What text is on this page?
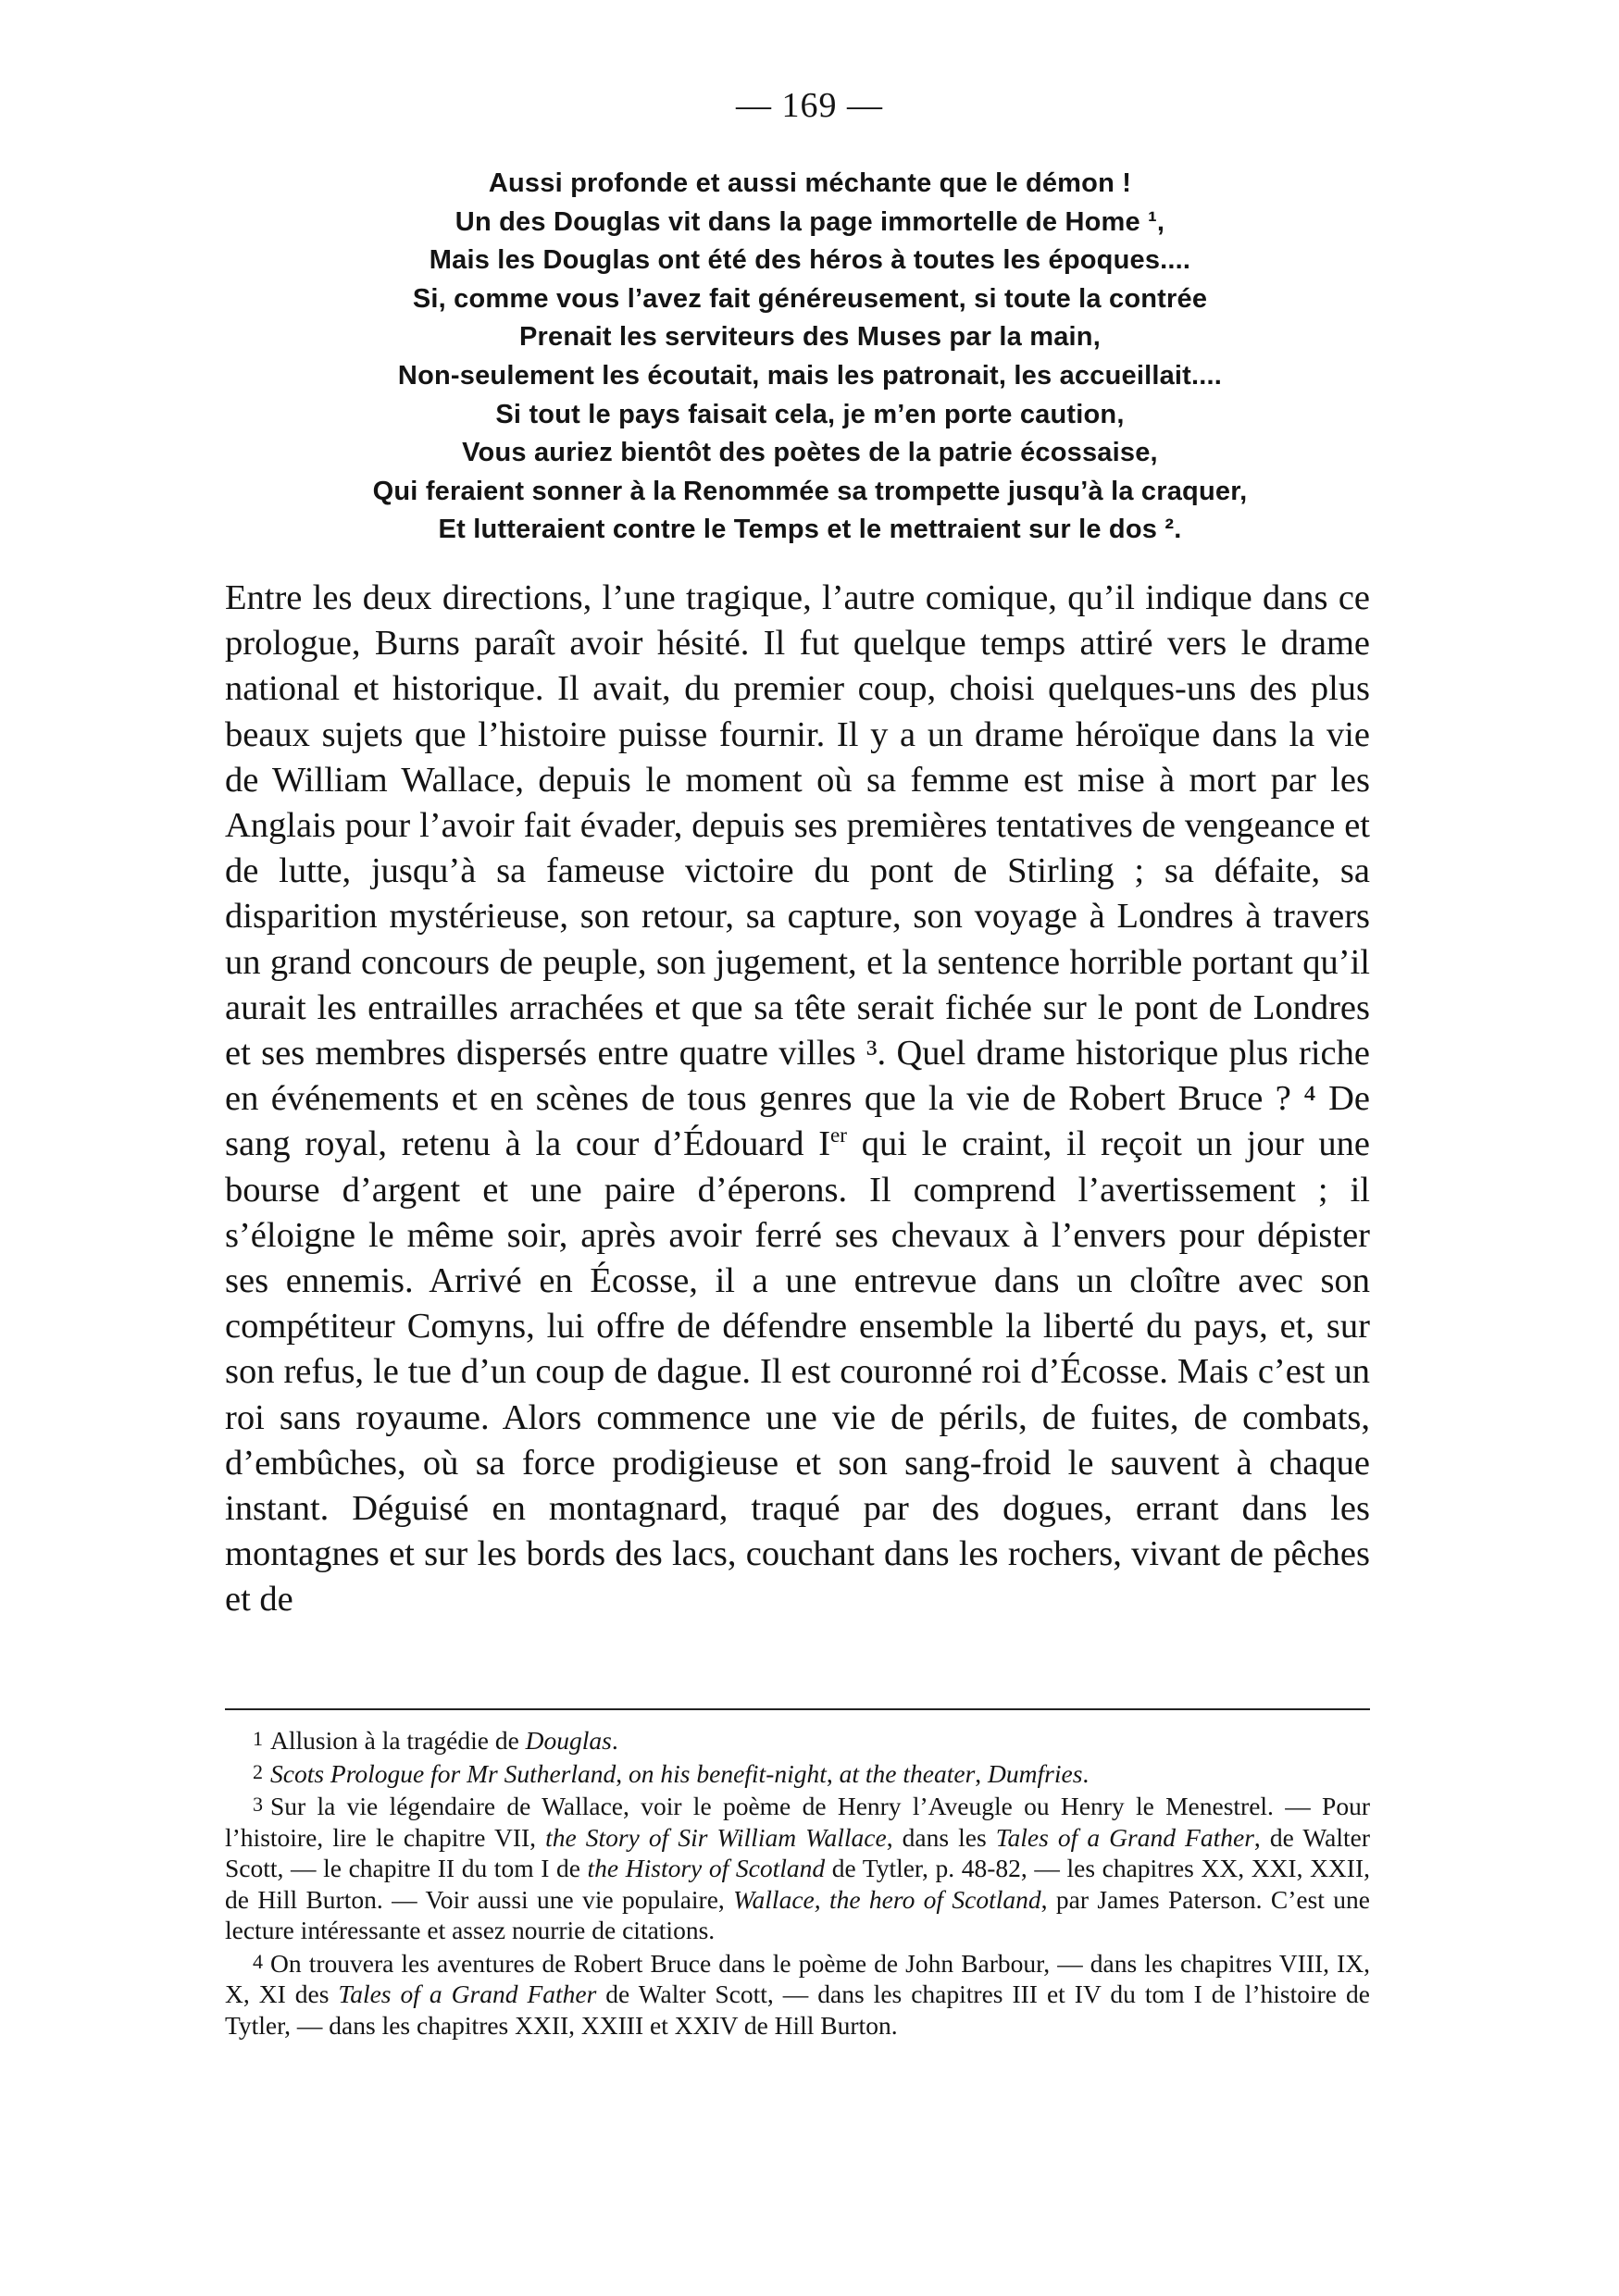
— 169 —
Aussi profonde et aussi méchante que le démon !
Un des Douglas vit dans la page immortelle de Home ¹,
Mais les Douglas ont été des héros à toutes les époques....
Si, comme vous l’avez fait généreusement, si toute la contrée
Prenait les serviteurs des Muses par la main,
Non-seulement les écoutait, mais les patronait, les accueillait....
Si tout le pays faisait cela, je m’en porte caution,
Vous auriez bientôt des poètes de la patrie écossaise,
Qui feraient sonner à la Renommée sa trompette jusqu’à la craquer,
Et lutteraient contre le Temps et le mettraient sur le dos ².
Entre les deux directions, l’une tragique, l’autre comique, qu’il indique dans ce prologue, Burns paraît avoir hésité. Il fut quelque temps attiré vers le drame national et historique. Il avait, du premier coup, choisi quelques-uns des plus beaux sujets que l’histoire puisse fournir. Il y a un drame héroïque dans la vie de William Wallace, depuis le moment où sa femme est mise à mort par les Anglais pour l’avoir fait évader, depuis ses premières tentatives de vengeance et de lutte, jusqu’à sa fameuse victoire du pont de Stirling ; sa défaite, sa disparition mystérieuse, son retour, sa capture, son voyage à Londres à travers un grand concours de peuple, son jugement, et la sentence horrible portant qu’il aurait les entrailles arrachées et que sa tête serait fichée sur le pont de Londres et ses membres dispersés entre quatre villes ³. Quel drame historique plus riche en événements et en scènes de tous genres que la vie de Robert Bruce ? ⁴ De sang royal, retenu à la cour d’Édouard Ier qui le craint, il reçoit un jour une bourse d’argent et une paire d’éperons. Il comprend l’avertissement ; il s’éloigne le même soir, après avoir ferré ses chevaux à l’envers pour dépister ses ennemis. Arrivé en Écosse, il a une entrevue dans un cloître avec son compétiteur Comyns, lui offre de défendre ensemble la liberté du pays, et, sur son refus, le tue d’un coup de dague. Il est couronné roi d’Écosse. Mais c’est un roi sans royaume. Alors commence une vie de périls, de fuites, de combats, d’embûches, où sa force prodigieuse et son sang-froid le sauvent à chaque instant. Déguisé en montagnard, traqué par des dogues, errant dans les montagnes et sur les bords des lacs, couchant dans les rochers, vivant de pêches et de

1 Allusion à la tragédie de Douglas.

2 Scots Prologue for Mr Sutherland, on his benefit-night, at the theater, Dumfries.

3 Sur la vie légendaire de Wallace, voir le poème de Henry l’Aveugle ou Henry le Menestrel. — Pour l’histoire, lire le chapitre VII, the Story of Sir William Wallace, dans les Tales of a Grand Father, de Walter Scott, — le chapitre II du tom I de the History of Scotland de Tytler, p. 48-82, — les chapitres XX, XXI, XXII, de Hill Burton. — Voir aussi une vie populaire, Wallace, the hero of Scotland, par James Paterson. C’est une lecture intéressante et assez nourrie de citations.

4 On trouvera les aventures de Robert Bruce dans le poème de John Barbour, — dans les chapitres VIII, IX, X, XI des Tales of a Grand Father de Walter Scott, — dans les chapitres III et IV du tom I de l’histoire de Tytler, — dans les chapitres XXII, XXIII et XXIV de Hill Burton.
